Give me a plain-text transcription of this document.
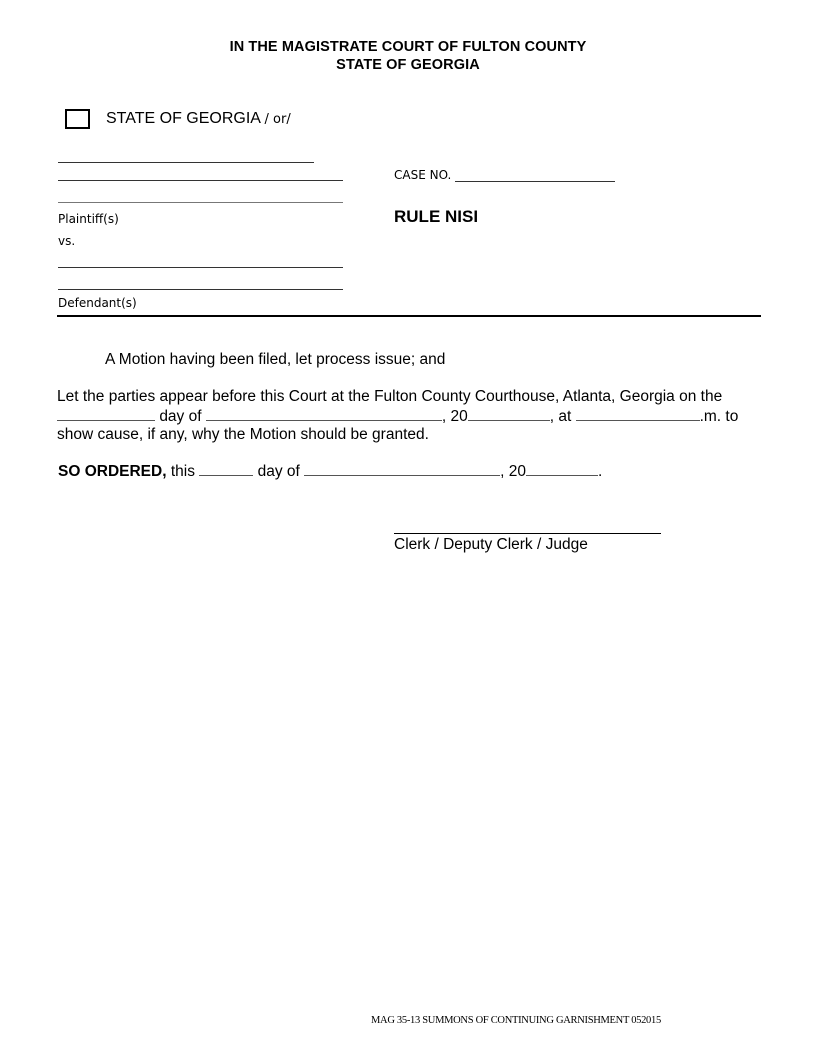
IN THE MAGISTRATE COURT OF FULTON COUNTY
STATE OF GEORGIA
STATE OF GEORGIA / or/
Plaintiff(s)
vs.
Defendant(s)
CASE NO.
RULE NISI
A Motion having been filed, let process issue; and
Let the parties appear before this Court at the Fulton County Courthouse, Atlanta, Georgia on the
day of	, 20	, at	.m. to
show cause, if any, why the Motion should be granted.
SO ORDERED, this	day of	, 20	.
Clerk / Deputy Clerk / Judge
MAG 35-13 SUMMONS OF CONTINUING GARNISHMENT 052015
